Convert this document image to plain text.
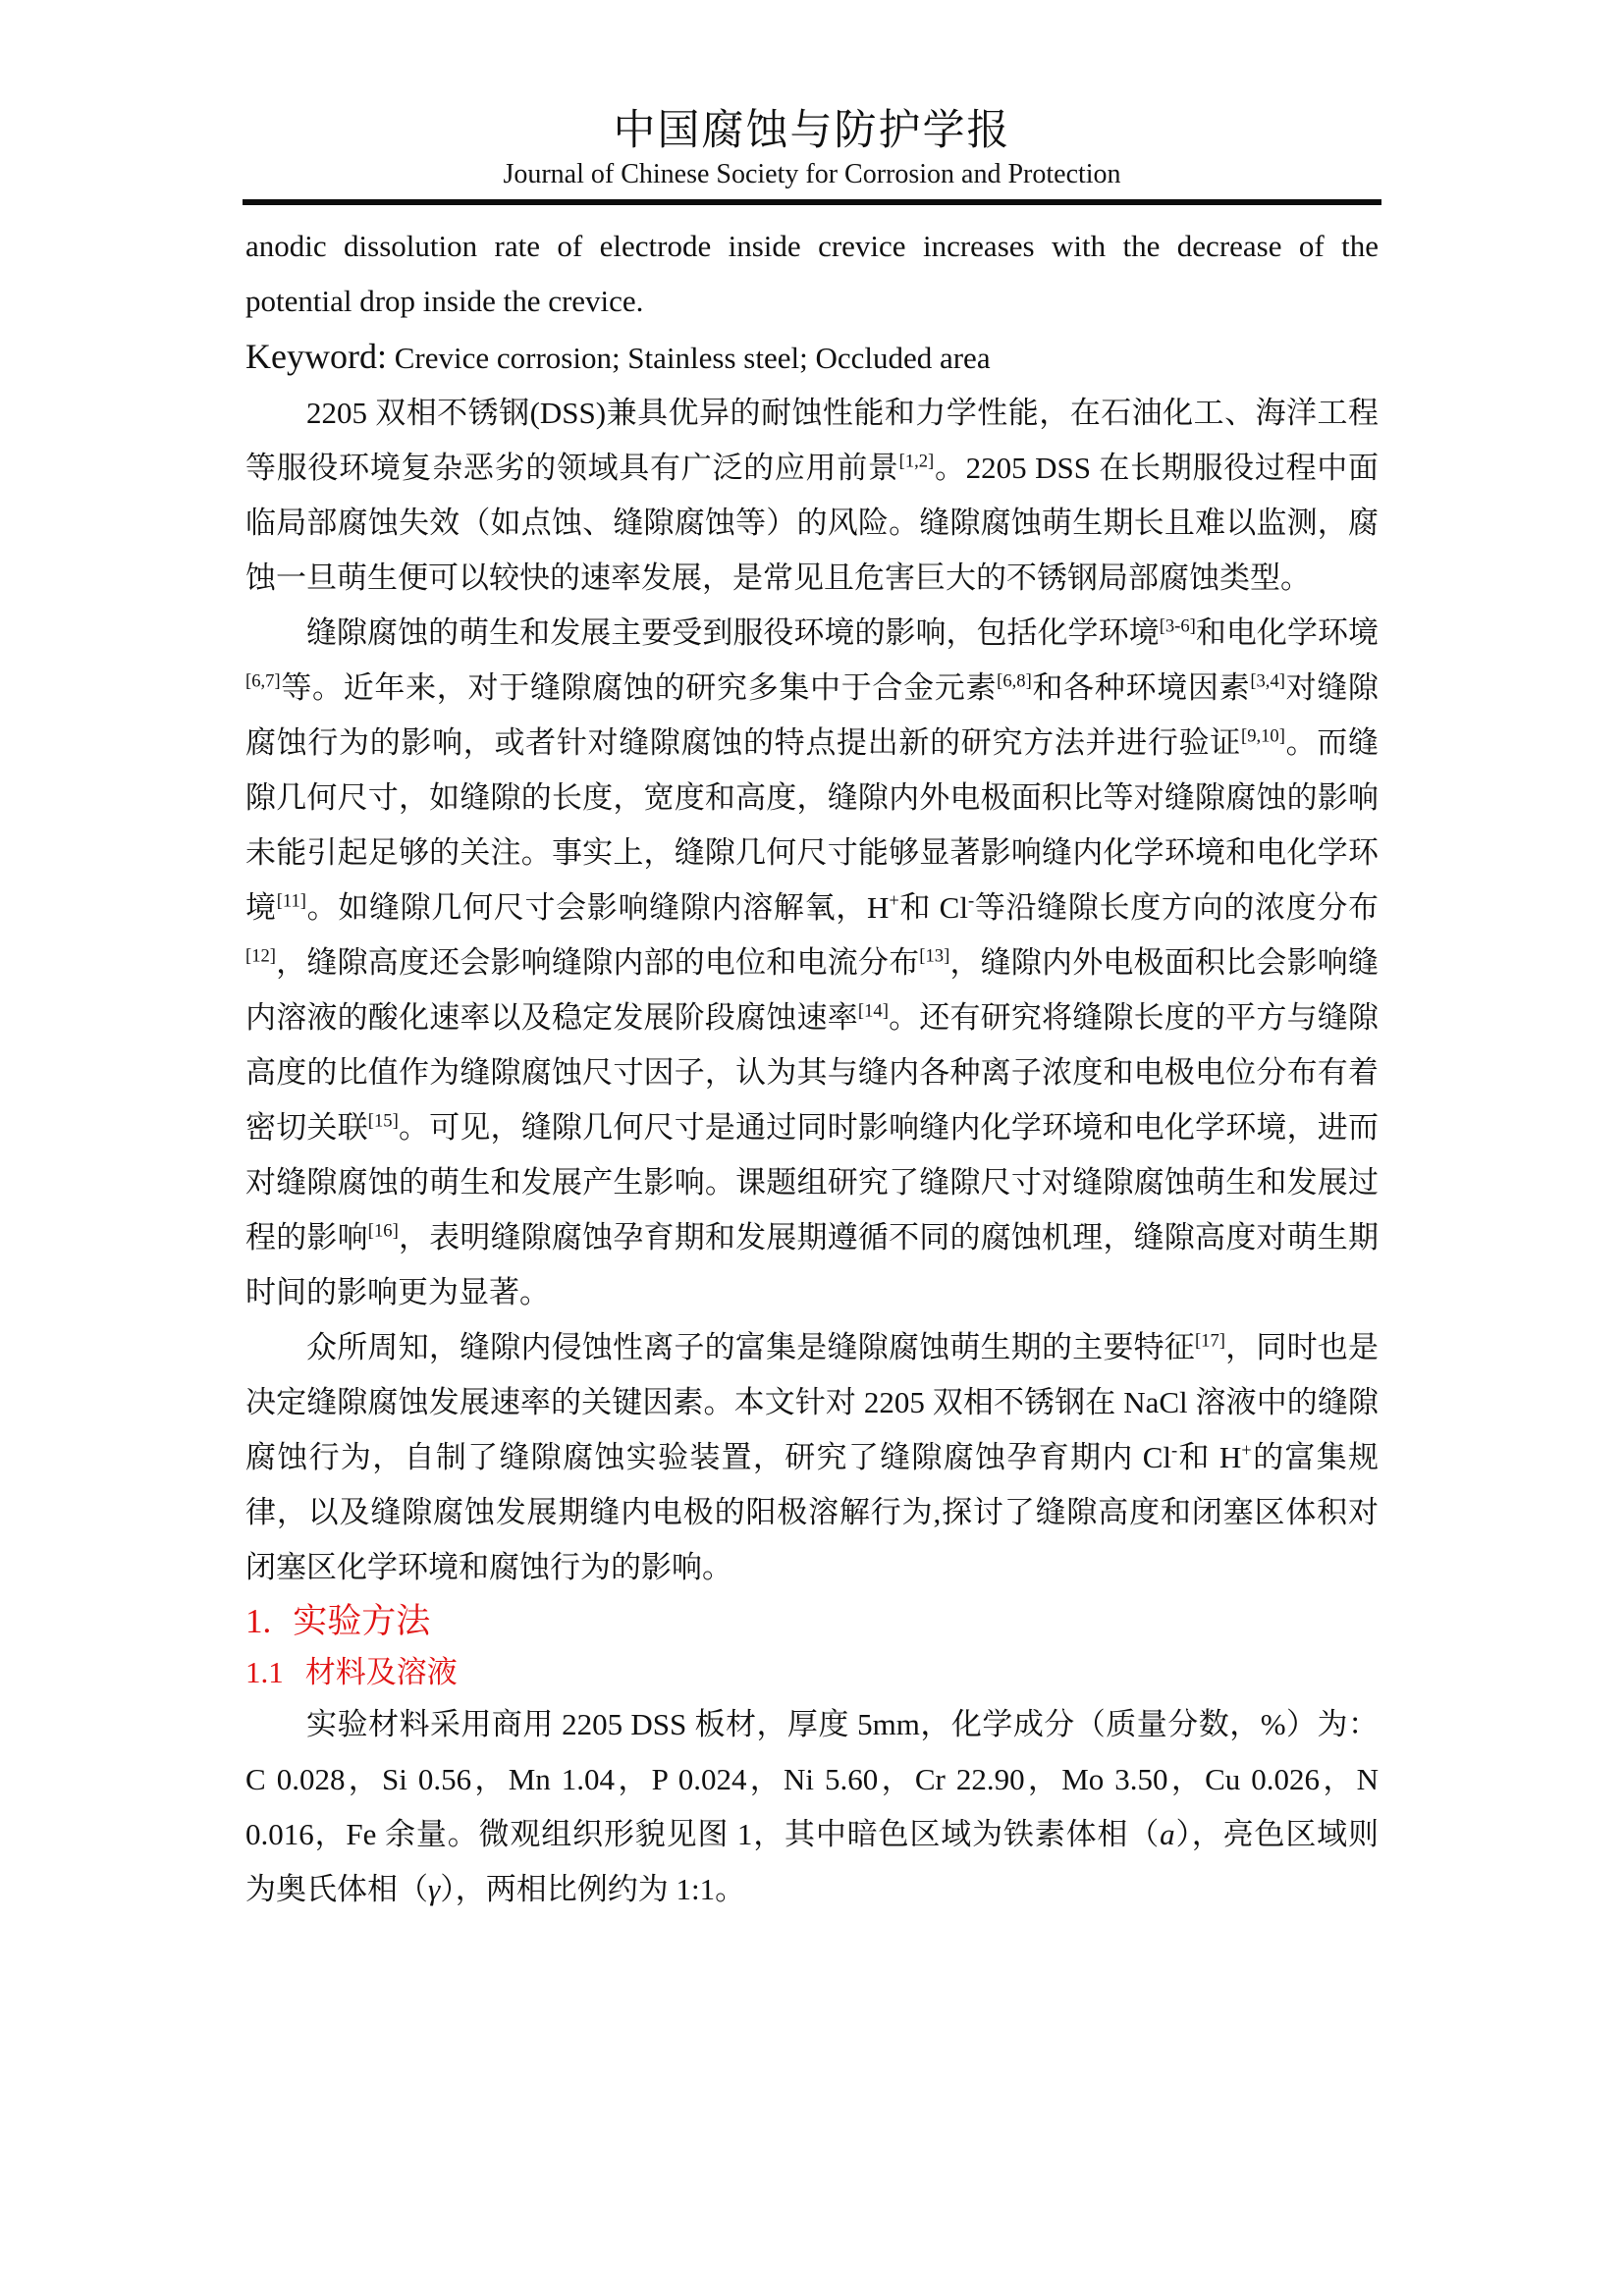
中国腐蚀与防护学报
Journal of Chinese Society for Corrosion and Protection

anodic dissolution rate of electrode inside crevice increases with the decrease of the potential drop inside the crevice.

Keyword: Crevice corrosion; Stainless steel; Occluded area

2205 双相不锈钢(DSS)兼具优异的耐蚀性能和力学性能，在石油化工、海洋工程等服役环境复杂恶劣的领域具有广泛的应用前景[1,2]。2205 DSS 在长期服役过程中面临局部腐蚀失效（如点蚀、缝隙腐蚀等）的风险。缝隙腐蚀萌生期长且难以监测，腐蚀一旦萌生便可以较快的速率发展，是常见且危害巨大的不锈钢局部腐蚀类型。

缝隙腐蚀的萌生和发展主要受到服役环境的影响，包括化学环境[3-6]和电化学环境[6,7]等。近年来，对于缝隙腐蚀的研究多集中于合金元素[6,8]和各种环境因素[3,4]对缝隙腐蚀行为的影响，或者针对缝隙腐蚀的特点提出新的研究方法并进行验证[9,10]。而缝隙几何尺寸，如缝隙的长度，宽度和高度，缝隙内外电极面积比等对缝隙腐蚀的影响未能引起足够的关注。事实上，缝隙几何尺寸能够显著影响缝内化学环境和电化学环境[11]。如缝隙几何尺寸会影响缝隙内溶解氧，H+和 Cl-等沿缝隙长度方向的浓度分布[12]，缝隙高度还会影响缝隙内部的电位和电流分布[13]，缝隙内外电极面积比会影响缝内溶液的酸化速率以及稳定发展阶段腐蚀速率[14]。还有研究将缝隙长度的平方与缝隙高度的比值作为缝隙腐蚀尺寸因子，认为其与缝内各种离子浓度和电极电位分布有着密切关联[15]。可见，缝隙几何尺寸是通过同时影响缝内化学环境和电化学环境，进而对缝隙腐蚀的萌生和发展产生影响。课题组研究了缝隙尺寸对缝隙腐蚀萌生和发展过程的影响[16]，表明缝隙腐蚀孕育期和发展期遵循不同的腐蚀机理，缝隙高度对萌生期时间的影响更为显著。

众所周知，缝隙内侵蚀性离子的富集是缝隙腐蚀萌生期的主要特征[17]，同时也是决定缝隙腐蚀发展速率的关键因素。本文针对 2205 双相不锈钢在 NaCl 溶液中的缝隙腐蚀行为，自制了缝隙腐蚀实验装置，研究了缝隙腐蚀孕育期内 Cl-和 H+的富集规律，以及缝隙腐蚀发展期缝内电极的阳极溶解行为,探讨了缝隙高度和闭塞区体积对闭塞区化学环境和腐蚀行为的影响。

1. 实验方法

1.1 材料及溶液

实验材料采用商用 2205 DSS 板材，厚度 5mm，化学成分（质量分数，%）为：C 0.028，Si 0.56，Mn 1.04，P 0.024，Ni 5.60，Cr 22.90，Mo 3.50，Cu 0.026，N 0.016，Fe 余量。微观组织形貌见图 1，其中暗色区域为铁素体相（a），亮色区域则为奥氏体相（γ），两相比例约为 1:1。
